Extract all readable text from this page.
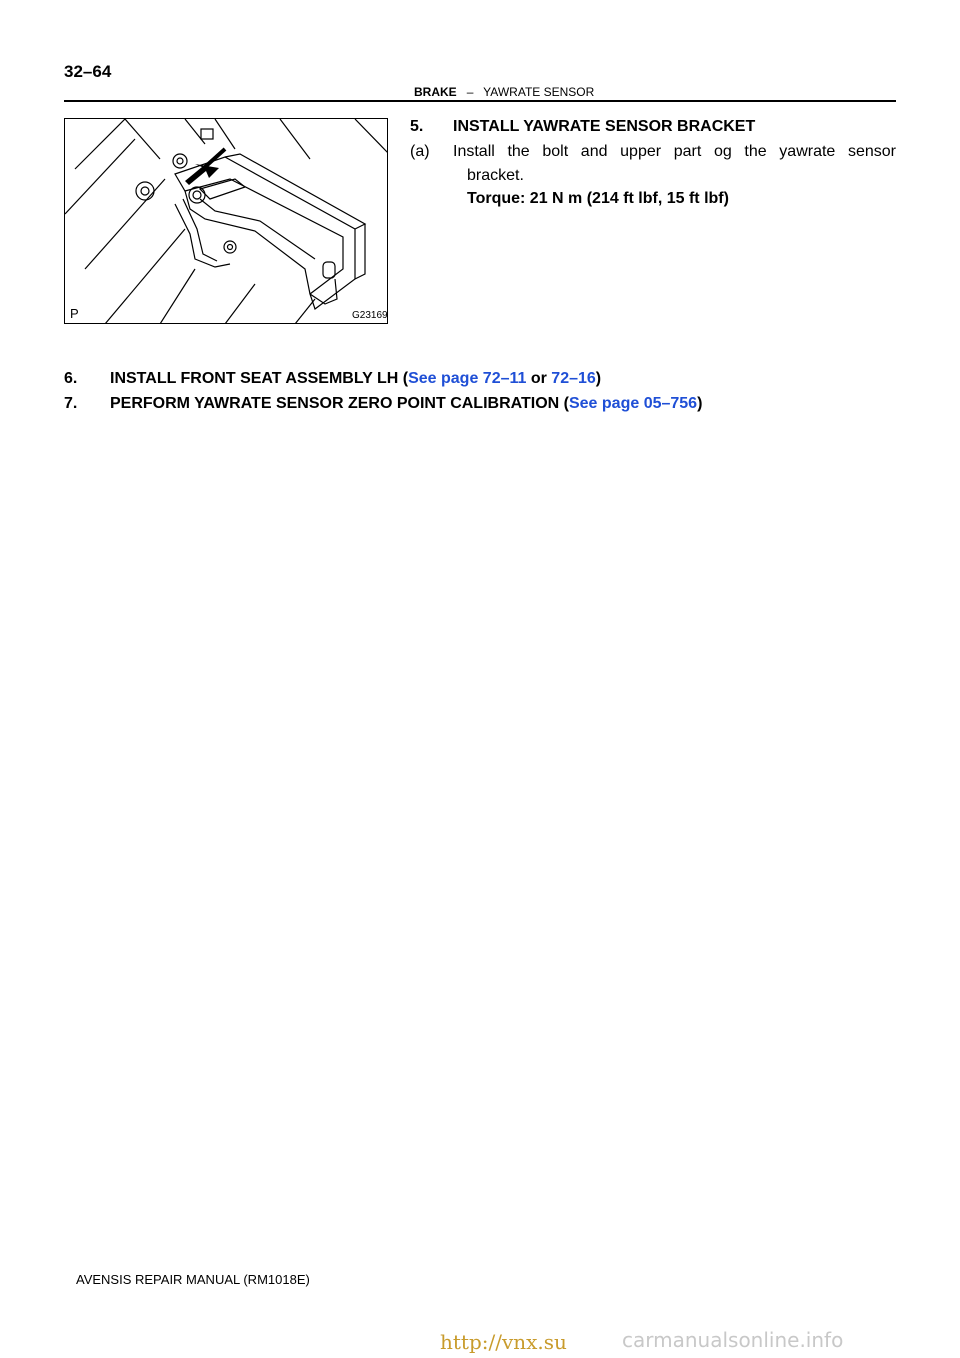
32–64
BRAKE – YAWRATE SENSOR
P	G23169
5. INSTALL YAWRATE SENSOR BRACKET
(a) Install the bolt and upper part og the yawrate sensor
bracket.
Torque: 21 N m (214 ft lbf, 15 ft lbf)
6. INSTALL FRONT SEAT ASSEMBLY LH (See page 72–11 or 72–16)
7. PERFORM YAWRATE SENSOR ZERO POINT CALIBRATION (See page 05–756)
AVENSIS REPAIR MANUAL (RM1018E)
http://vnx.su	carmanualsonline.info
